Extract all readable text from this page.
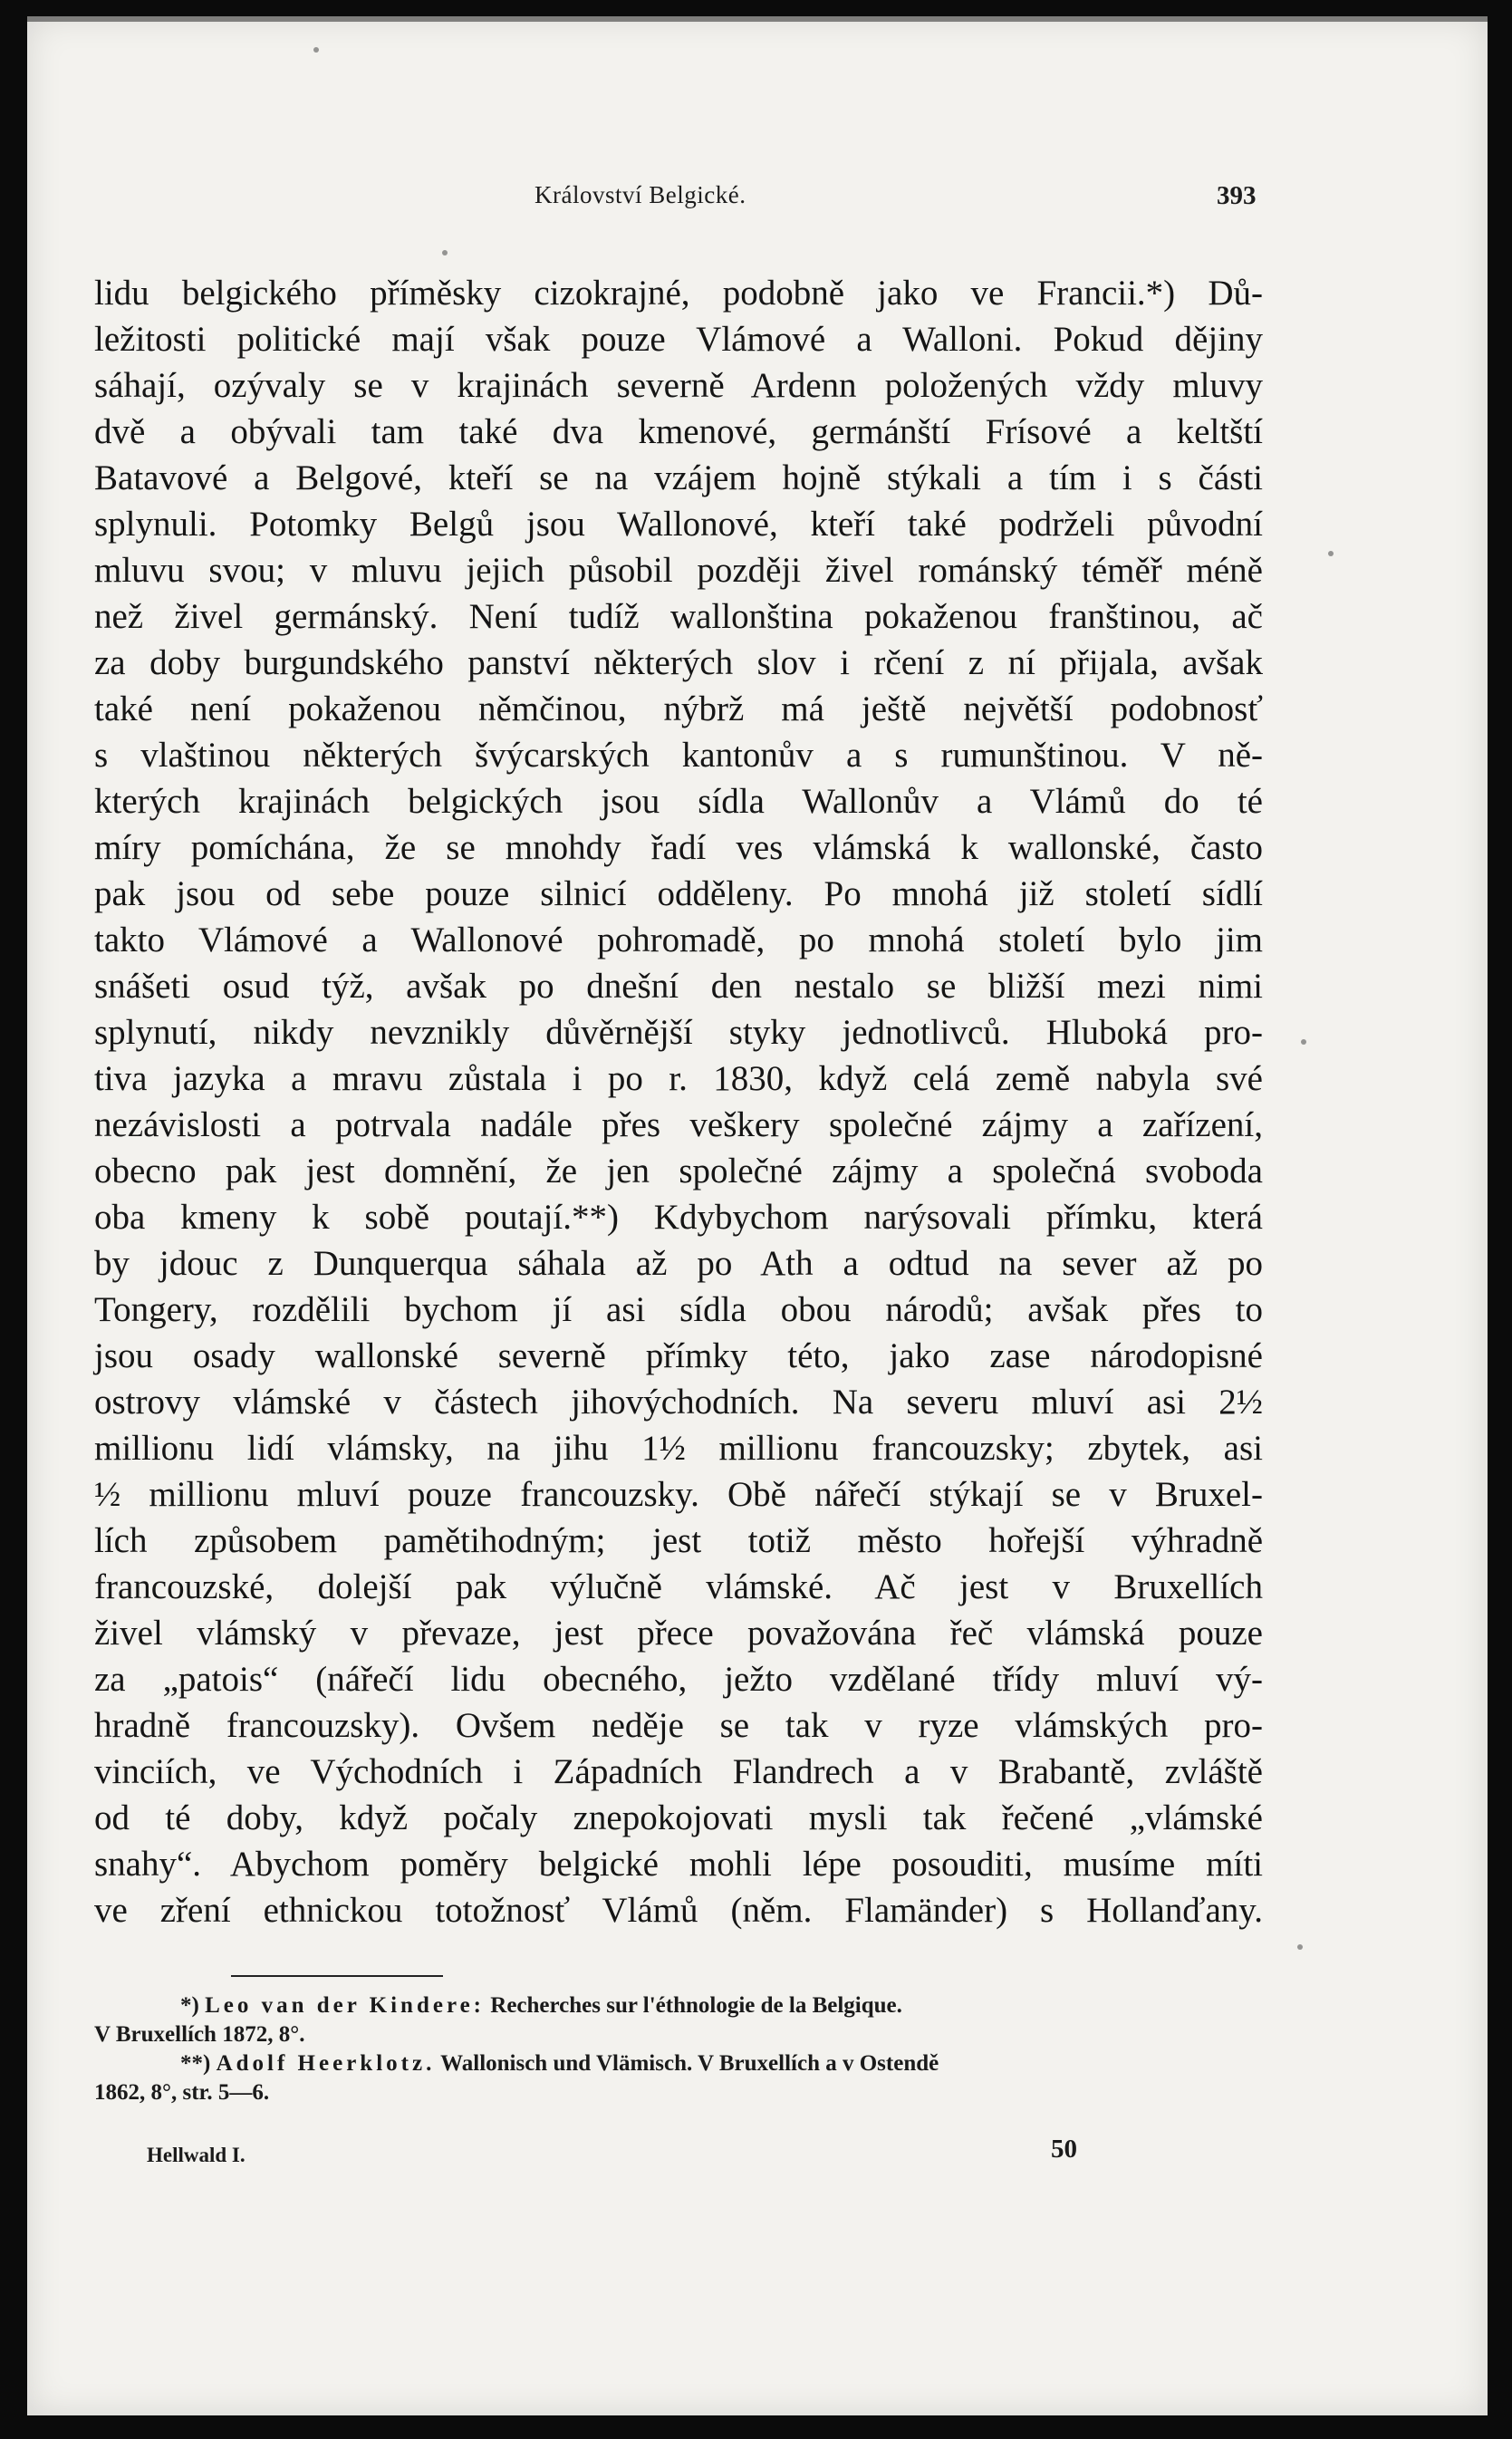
Království Belgické.	393
lidu belgického příměsky cizokrajné, podobně jako ve Francii.*) Dů-
ležitosti politické mají však pouze Vlámové a Walloni. Pokud dějiny
sáhají, ozývaly se v krajinách severně Ardenn položených vždy mluvy
dvě a obývali tam také dva kmenové, germánští Frísové a keltští
Batavové a Belgové, kteří se na vzájem hojně stýkali a tím i s části
splynuli. Potomky Belgů jsou Wallonové, kteří také podrželi původní
mluvu svou; v mluvu jejich působil později živel románský téměř méně
než živel germánský. Není tudíž wallonština pokaženou franštinou, ač
za doby burgundského panství některých slov i rčení z ní přijala, avšak
také není pokaženou němčinou, nýbrž má ještě největší podobnosť
s vlaštinou některých švýcarských kantonův a s rumunštinou. V ně-
kterých krajinách belgických jsou sídla Wallonův a Vlámů do té
míry pomíchána, že se mnohdy řadí ves vlámská k wallonské, často
pak jsou od sebe pouze silnicí odděleny. Po mnohá již století sídlí
takto Vlámové a Wallonové pohromadě, po mnohá století bylo jim
snášeti osud týž, avšak po dnešní den nestalo se bližší mezi nimi
splynutí, nikdy nevznikly důvěrnější styky jednotlivců. Hluboká pro-
tiva jazyka a mravu zůstala i po r. 1830, když celá země nabyla své
nezávislosti a potrvala nadále přes veškery společné zájmy a zařízení,
obecno pak jest domnění, že jen společné zájmy a společná svoboda
oba kmeny k sobě poutají.**) Kdybychom narýsovali přímku, která
by jdouc z Dunquerqua sáhala až po Ath a odtud na sever až po
Tongery, rozdělili bychom jí asi sídla obou národů; avšak přes to
jsou osady wallonské severně přímky této, jako zase národopisné
ostrovy vlámské v částech jihovýchodních. Na severu mluví asi 2½
millionu lidí vlámsky, na jihu 1½ millionu francouzsky; zbytek, asi
½ millionu mluví pouze francouzsky. Obě nářečí stýkají se v Bruxel-
lích způsobem pamětihodným; jest totiž město hořejší výhradně
francouzské, dolejší pak výlučně vlámské. Ač jest v Bruxellích
živel vlámský v převaze, jest přece považována řeč vlámská pouze
za „patois“ (nářečí lidu obecného, ježto vzdělané třídy mluví vý-
hradně francouzsky). Ovšem neděje se tak v ryze vlámských pro-
vinciích, ve Východních i Západních Flandrech a v Brabantě, zvláště
od té doby, když počaly znepokojovati mysli tak řečené „vlámské
snahy“. Abychom poměry belgické mohli lépe posouditi, musíme míti
ve zření ethnickou totožnosť Vlámů (něm. Flamänder) s Hollanďany.
*) Leo van der Kindere: Recherches sur l'éthnologie de la Belgique.
V Bruxellích 1872, 8°.
**) Adolf Heerklotz. Wallonisch und Vlämisch. V Bruxellích a v Ostendě
1862, 8°, str. 5—6.
Hellwald I.	50
